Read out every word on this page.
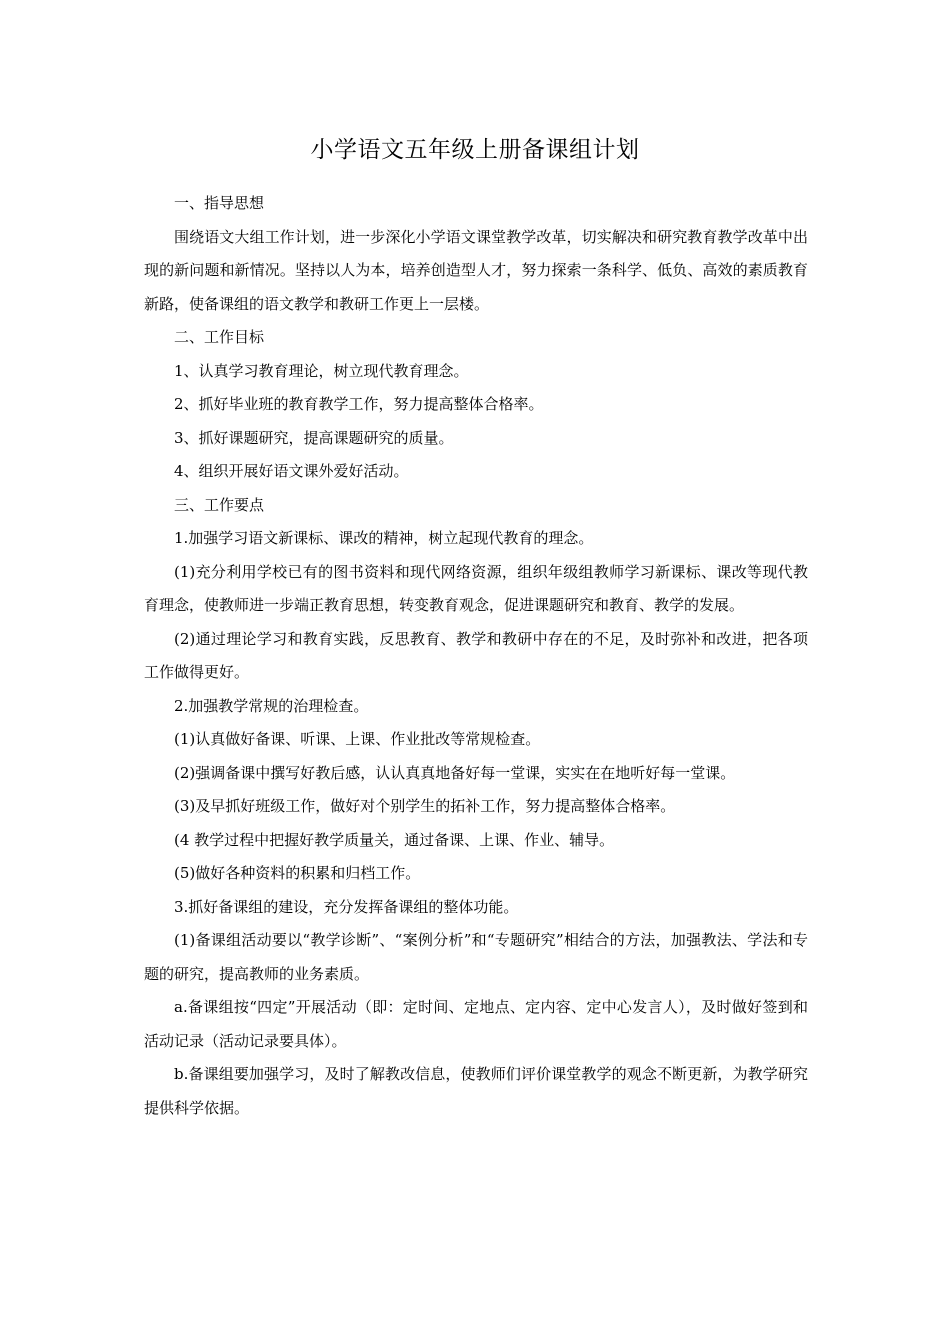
小学语文五年级上册备课组计划

一、指导思想

围绕语文大组工作计划，进一步深化小学语文课堂教学改革，切实解决和研究教育教学改革中出现的新问题和新情况。坚持以人为本，培养创造型人才，努力探索一条科学、低负、高效的素质教育新路，使备课组的语文教学和教研工作更上一层楼。

二、工作目标

1、认真学习教育理论，树立现代教育理念。

2、抓好毕业班的教育教学工作，努力提高整体合格率。

3、抓好课题研究，提高课题研究的质量。

4、组织开展好语文课外爱好活动。

三、工作要点

1.加强学习语文新课标、课改的精神，树立起现代教育的理念。

(1)充分利用学校已有的图书资料和现代网络资源，组织年级组教师学习新课标、课改等现代教育理念，使教师进一步端正教育思想，转变教育观念，促进课题研究和教育、教学的发展。

(2)通过理论学习和教育实践，反思教育、教学和教研中存在的不足，及时弥补和改进，把各项工作做得更好。

2.加强教学常规的治理检查。

(1)认真做好备课、听课、上课、作业批改等常规检查。

(2)强调备课中撰写好教后感，认认真真地备好每一堂课，实实在在地听好每一堂课。

(3)及早抓好班级工作，做好对个别学生的拓补工作，努力提高整体合格率。

(4 教学过程中把握好教学质量关，通过备课、上课、作业、辅导。

(5)做好各种资料的积累和归档工作。

3.抓好备课组的建设，充分发挥备课组的整体功能。

(1)备课组活动要以“教学诊断”、“案例分析”和“专题研究”相结合的方法，加强教法、学法和专题的研究，提高教师的业务素质。

a.备课组按“四定”开展活动（即：定时间、定地点、定内容、定中心发言人），及时做好签到和活动记录（活动记录要具体）。

b.备课组要加强学习，及时了解教改信息，使教师们评价课堂教学的观念不断更新，为教学研究提供科学依据。
